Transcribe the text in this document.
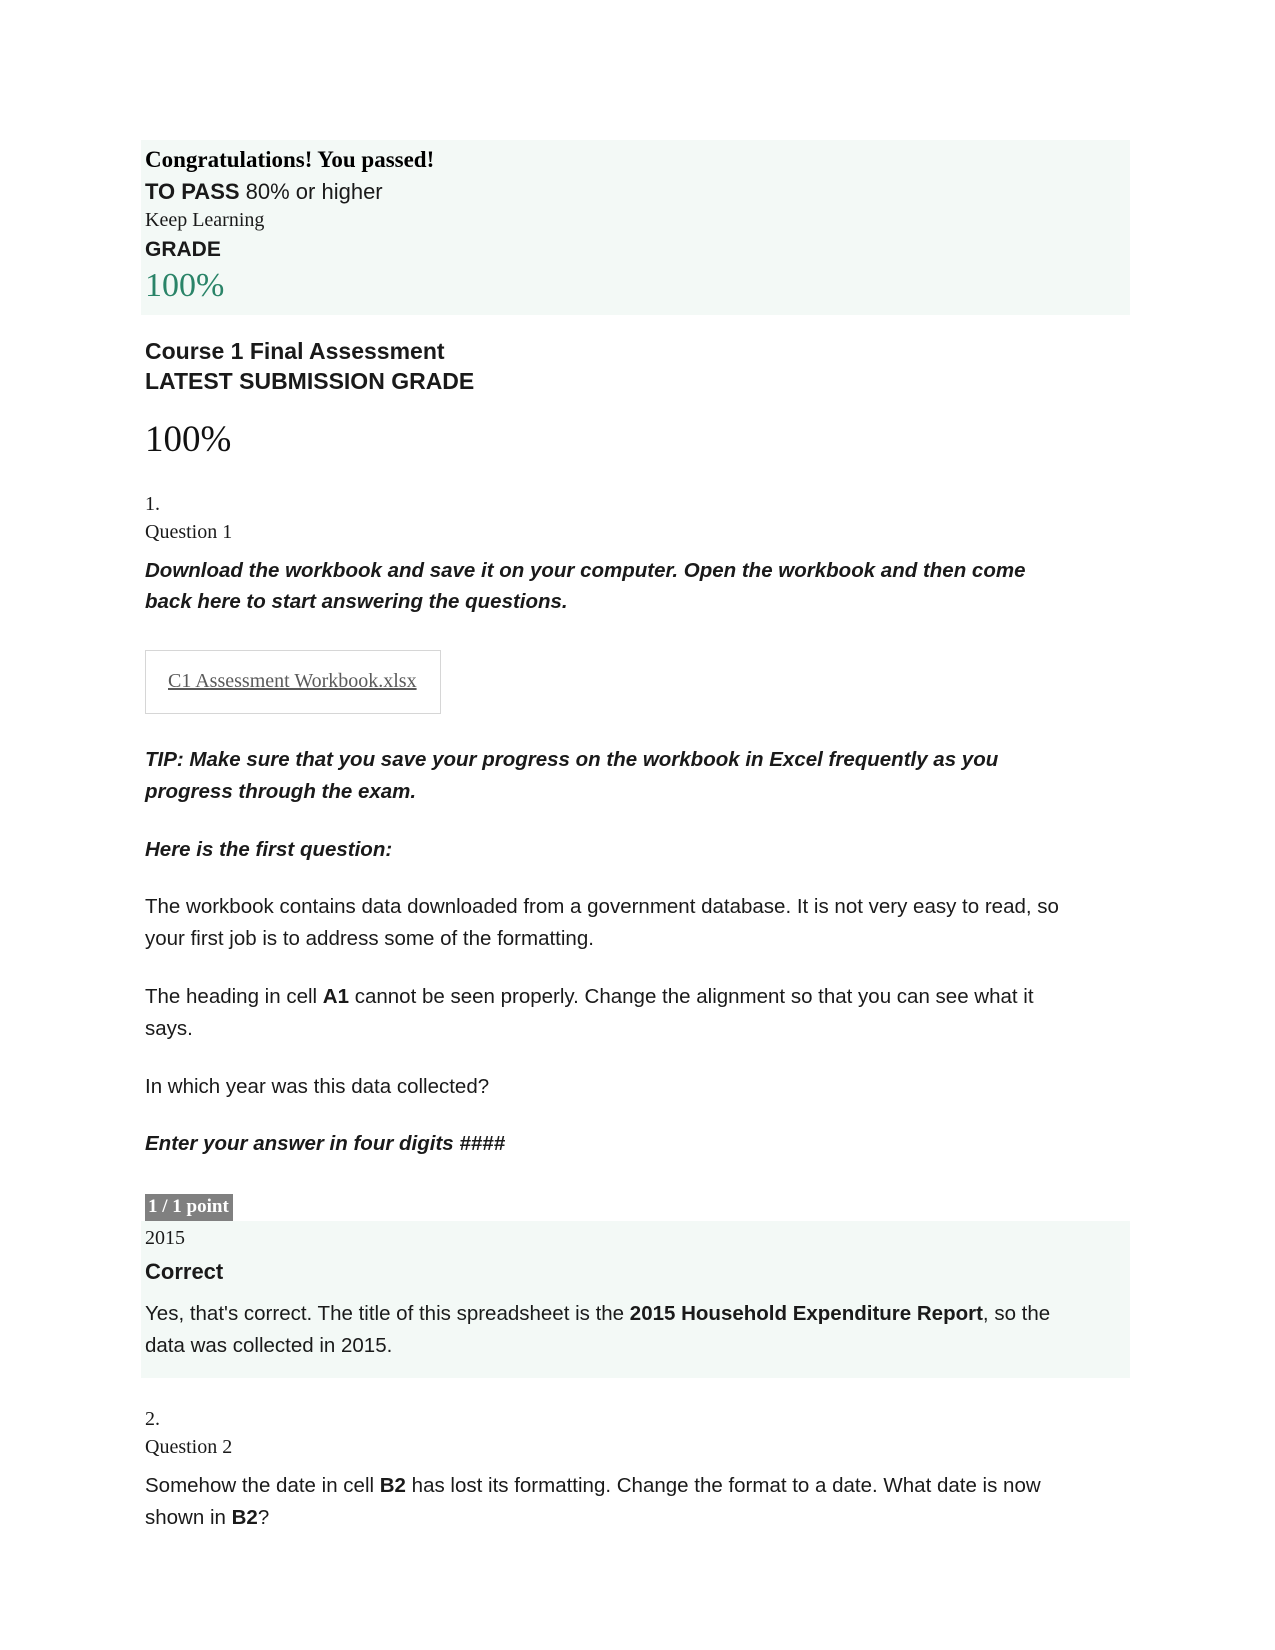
Congratulations! You passed!
TO PASS 80% or higher
Keep Learning
GRADE
100%
Course 1 Final Assessment
LATEST SUBMISSION GRADE
100%
1.
Question 1
Download the workbook and save it on your computer. Open the workbook and then come back here to start answering the questions.
C1 Assessment Workbook.xlsx
TIP: Make sure that you save your progress on the workbook in Excel frequently as you progress through the exam.
Here is the first question:
The workbook contains data downloaded from a government database. It is not very easy to read, so your first job is to address some of the formatting.
The heading in cell A1 cannot be seen properly. Change the alignment so that you can see what it says.
In which year was this data collected?
Enter your answer in four digits ####
1 / 1 point
2015
Correct
Yes, that's correct. The title of this spreadsheet is the 2015 Household Expenditure Report, so the data was collected in 2015.
2.
Question 2
Somehow the date in cell B2 has lost its formatting. Change the format to a date. What date is now shown in B2?
